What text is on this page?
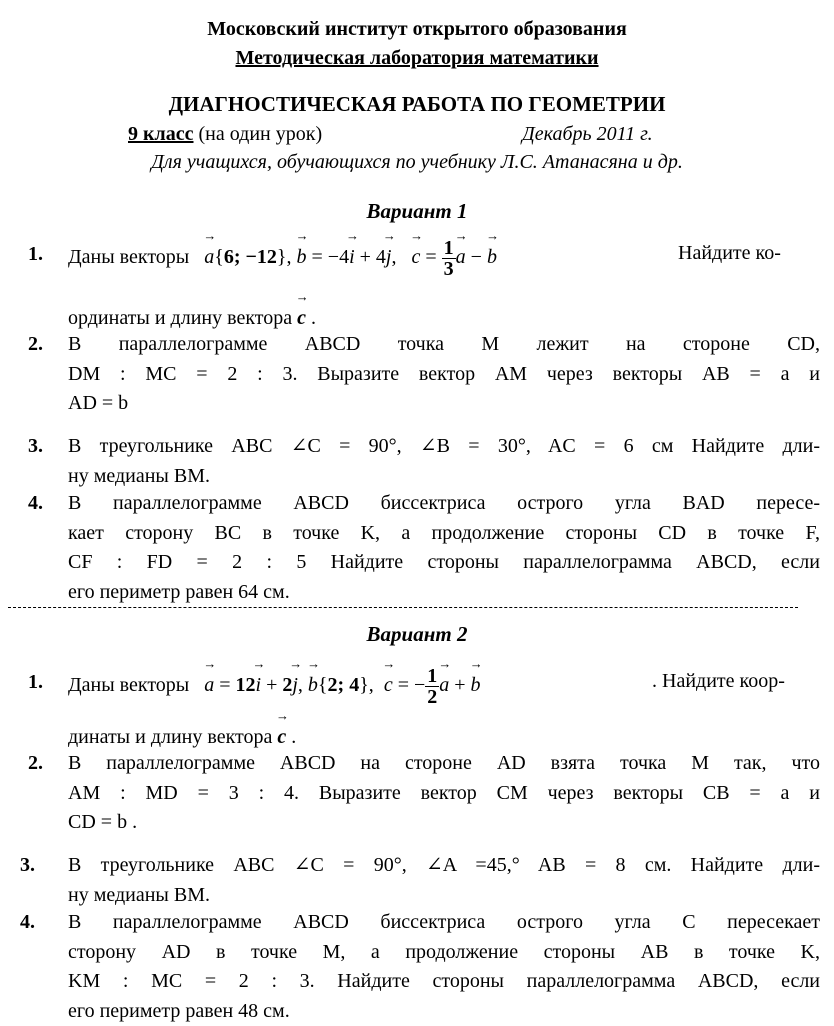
Московский институт открытого образования
Методическая лаборатория математики
ДИАГНОСТИЧЕСКАЯ РАБОТА ПО ГЕОМЕТРИИ
9 класс (на один урок)	Декабрь 2011 г.
Для учащихся, обучающихся по учебнику Л.С. Атанасяна и др.
Вариант 1
1. Даны векторы a →{6; −12}, b → = −4i → + 4j →,   c → = $\frac{1}{3}$ a → − b →	Найдите ко-
ординаты и длину вектора c → .
2. В параллелограмме ABCD точка M лежит на стороне CD,
DM : MC = 2 : 3. Выразите вектор AM через векторы AB = a и
AD = b
3. В треугольнике ABC ∠C = 90°, ∠B = 30°, AC = 6 см Найдите дли-
ну медианы BM.
4. В параллелограмме ABCD биссектриса острого угла BAD пересе-
кает сторону BC в точке K, а продолжение стороны CD в точке F,
CF : FD = 2 : 5 Найдите стороны параллелограмма ABCD, если
его периметр равен 64 см.
Вариант 2
1. Даны векторы a → = 12i → + 2j →, b →{2; 4},  c → = − $\frac{1}{2}$ a → + b →	. Найдите коор-
динаты и длину вектора c → .
2. В параллелограмме ABCD на стороне AD взята точка M так, что
AM : MD = 3 : 4. Выразите вектор CM через векторы CB = a и
CD = b .
3. В треугольнике ABC ∠C = 90°, ∠A =45,° AB = 8 см. Найдите дли-
ну медианы BM.
4. В параллелограмме ABCD биссектриса острого угла C пересекает
сторону AD в точке M, а продолжение стороны AB в точке K,
KM : MC = 2 : 3. Найдите стороны параллелограмма ABCD, если
его периметр равен 48 см.
